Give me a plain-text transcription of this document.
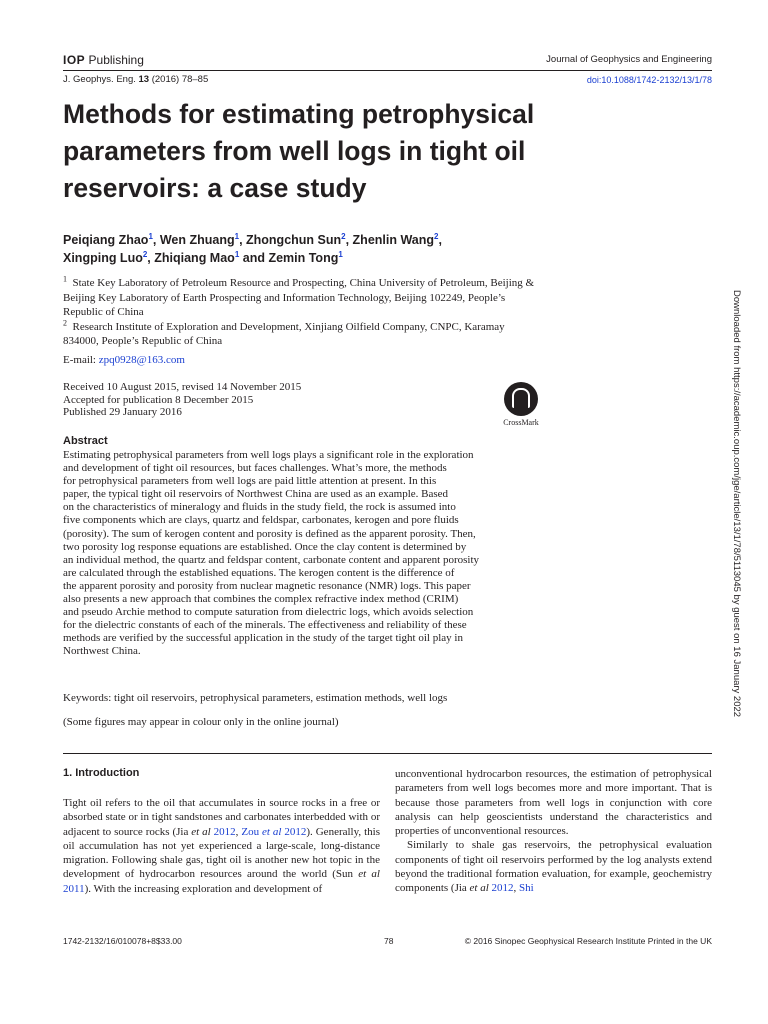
IOP Publishing	Journal of Geophysics and Engineering
J. Geophys. Eng. 13 (2016) 78–85	doi:10.1088/1742-2132/13/1/78
Methods for estimating petrophysical parameters from well logs in tight oil reservoirs: a case study
Peiqiang Zhao$^1$, Wen Zhuang$^1$, Zhongchun Sun$^2$, Zhenlin Wang$^2$,
Xingping Luo$^2$, Zhiqiang Mao$^1$ and Zemin Tong$^1$

$^1$ State Key Laboratory of Petroleum Resource and Prospecting, China University of Petroleum, Beijing & Beijing Key Laboratory of Earth Prospecting and Information Technology, Beijing 102249, People’s Republic of China

$^2$ Research Institute of Exploration and Development, Xinjiang Oilfield Company, CNPC, Karamay 834000, People’s Republic of China

E-mail: zpq0928@163.com
Received 10 August 2015, revised 14 November 2015
Accepted for publication 8 December 2015
Published 29 January 2016
CrossMark
Abstract
Estimating petrophysical parameters from well logs plays a significant role in the exploration
and development of tight oil resources, but faces challenges. What’s more, the methods
for petrophysical parameters from well logs are paid little attention at present. In this
paper, the typical tight oil reservoirs of Northwest China are used as an example. Based
on the characteristics of mineralogy and fluids in the study field, the rock is assumed into
five components which are clays, quartz and feldspar, carbonates, kerogen and pore fluids
(porosity). The sum of kerogen content and porosity is defined as the apparent porosity. Then,
two porosity log response equations are established. Once the clay content is determined by
an individual method, the quartz and feldspar content, carbonate content and apparent porosity
are calculated through the established equations. The kerogen content is the difference of
the apparent porosity and porosity from nuclear magnetic resonance (NMR) logs. This paper
also presents a new approach that combines the complex refractive index method (CRIM)
and pseudo Archie method to compute saturation from dielectric logs, which avoids selection
for the dielectric constants of each of the minerals. The effectiveness and reliability of these
methods are verified by the successful application in the study of the target tight oil play in
Northwest China.
Keywords: tight oil reservoirs, petrophysical parameters, estimation methods, well logs
(Some figures may appear in colour only in the online journal)
1. Introduction

Tight oil refers to the oil that accumulates in source rocks in a free or absorbed state or in tight sandstones and carbonates interbedded with or adjacent to source rocks (Jia et al 2012, Zou et al 2012). Generally, this oil accumulation has not yet experienced a large-scale, long-distance migration. Following shale gas, tight oil is another new hot topic in the development of hydrocarbon resources around the world (Sun et al 2011). With the increasing exploration and development of

unconventional hydrocarbon resources, the estimation of petrophysical parameters from well logs becomes more and more important. That is because those parameters from well logs in conjunction with core analysis can help geoscientists understand the characteristics and properties of unconventional resources.

Similarly to shale gas reservoirs, the petrophysical evaluation components of tight oil reservoirs performed by the log analysts extend beyond the traditional formation evaluation, for example, geochemistry components (Jia et al 2012, Shi

1742-2132/16/010078+8$33.00	78	© 2016 Sinopec Geophysical Research Institute Printed in the UK
Downloaded from https://academic.oup.com/jge/article/13/1/78/5113045 by guest on 16 January 2022
